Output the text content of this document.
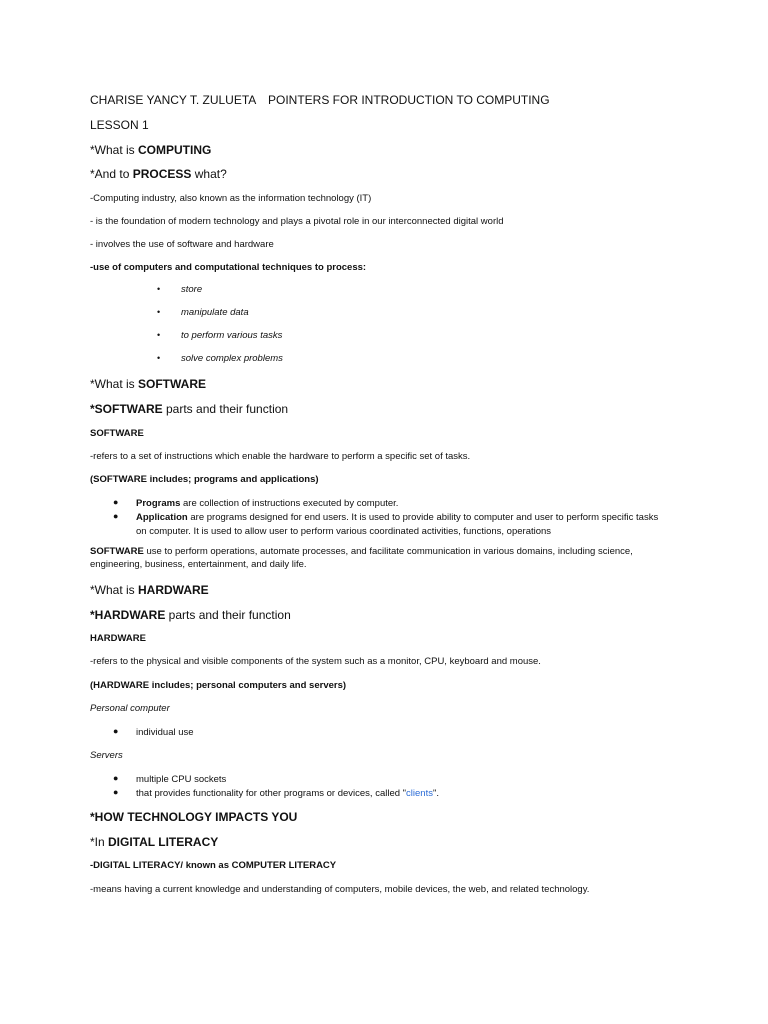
CHARISE YANCY T. ZULUETA POINTERS FOR INTRODUCTION TO COMPUTING
LESSON 1
*What is COMPUTING
*And to PROCESS what?
-Computing industry, also known as the information technology (IT)
- is the foundation of modern technology and plays a pivotal role in our interconnected digital world
- involves the use of software and hardware
-use of computers and computational techniques to process:
• store
• manipulate data
• to perform various tasks
• solve complex problems
*What is SOFTWARE
*SOFTWARE parts and their function
SOFTWARE
-refers to a set of instructions which enable the hardware to perform a specific set of tasks.
(SOFTWARE includes; programs and applications)
● Programs are collection of instructions executed by computer.
● Application are programs designed for end users. It is used to provide ability to computer and user to perform specific tasks on computer. It is used to allow user to perform various coordinated activities, functions, operations
SOFTWARE use to perform operations, automate processes, and facilitate communication in various domains, including science, engineering, business, entertainment, and daily life.
*What is HARDWARE
*HARDWARE parts and their function
HARDWARE
-refers to the physical and visible components of the system such as a monitor, CPU, keyboard and mouse.
(HARDWARE includes; personal computers and servers)
Personal computer
● individual use
Servers
● multiple CPU sockets
● that provides functionality for other programs or devices, called "clients".
*HOW TECHNOLOGY IMPACTS YOU
*In DIGITAL LITERACY
-DIGITAL LITERACY/ known as COMPUTER LITERACY
-means having a current knowledge and understanding of computers, mobile devices, the web, and related technology.
